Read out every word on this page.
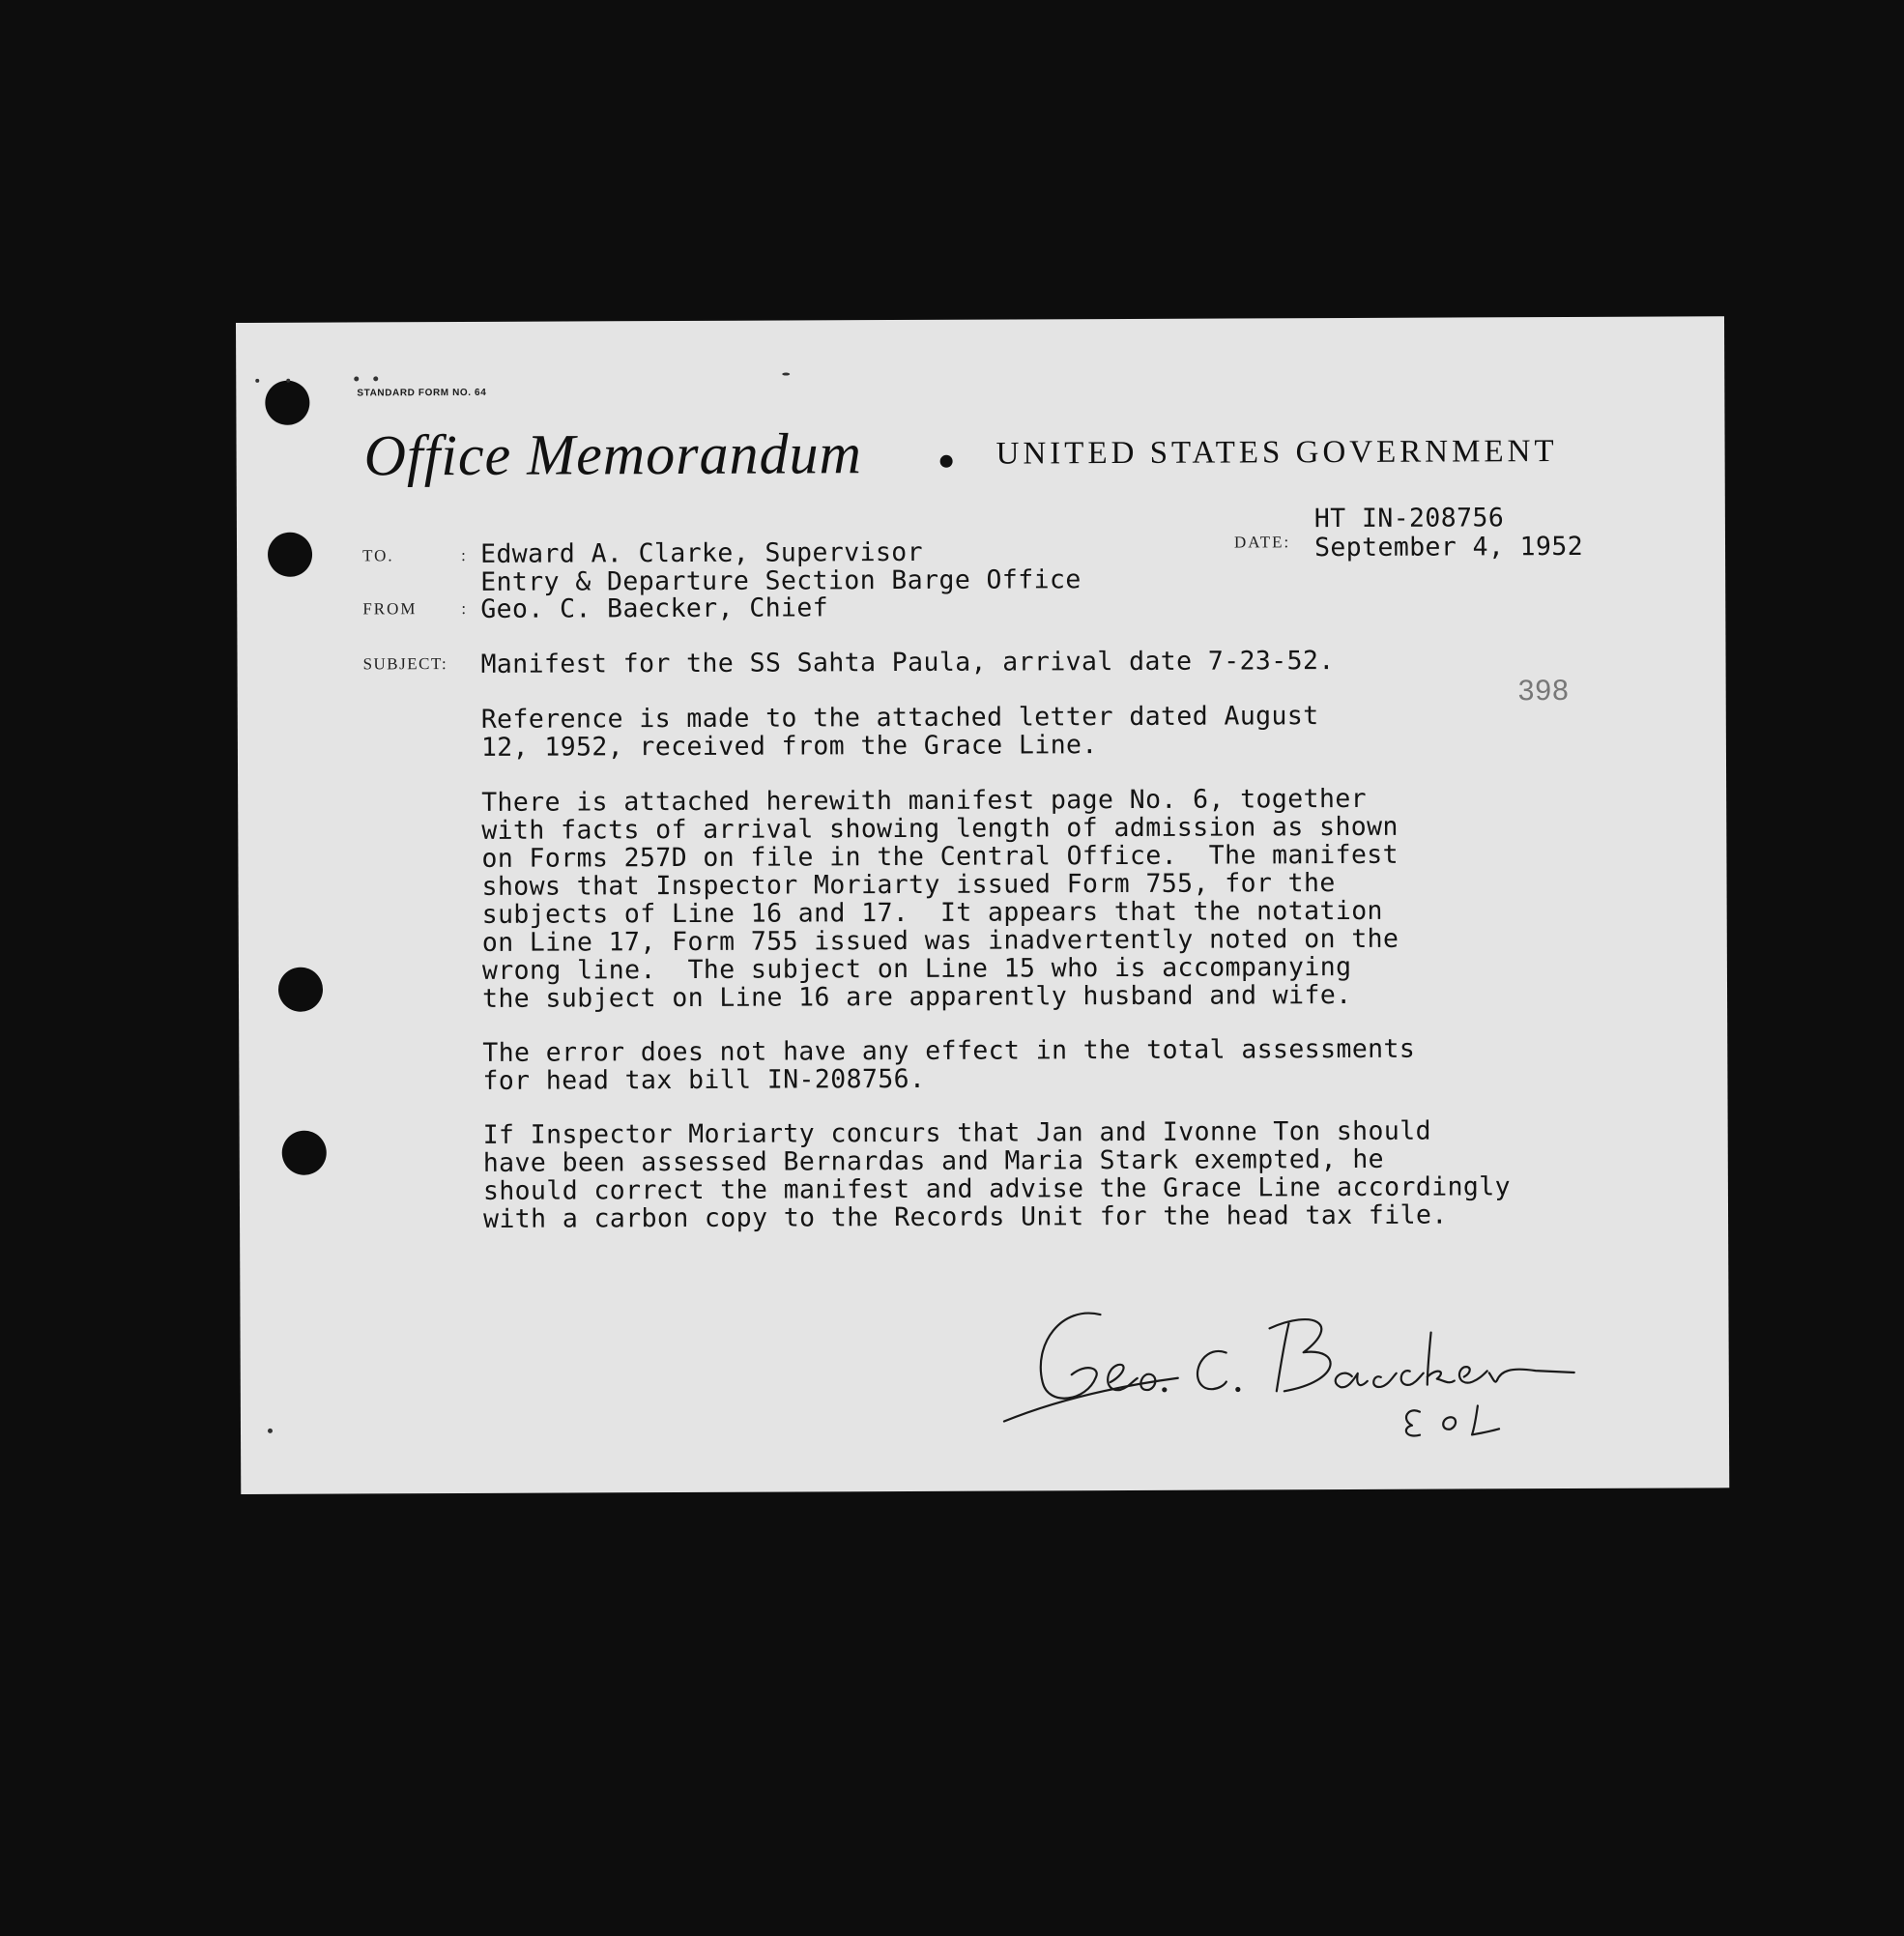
STANDARD FORM NO. 64
Office Memorandum	UNITED STATES GOVERNMENT
TO.	: Edward A. Clarke, Supervisor
Entry & Departure Section Barge Office
FROM	: Geo. C. Baecker, Chief
DATE:
HT IN-208756
September 4, 1952
SUBJECT: Manifest for the SS Sahta Paula, arrival date 7-23-52.
398
Reference is made to the attached letter dated August
12, 1952, received from the Grace Line.
There is attached herewith manifest page No. 6, together
with facts of arrival showing length of admission as shown
on Forms 257D on file in the Central Office.  The manifest
shows that Inspector Moriarty issued Form 755, for the
subjects of Line 16 and 17.  It appears that the notation
on Line 17, Form 755 issued was inadvertently noted on the
wrong line.  The subject on Line 15 who is accompanying
the subject on Line 16 are apparently husband and wife.
The error does not have any effect in the total assessments
for head tax bill IN-208756.
If Inspector Moriarty concurs that Jan and Ivonne Ton should
have been assessed Bernardas and Maria Stark exempted, he
should correct the manifest and advise the Grace Line accordingly
with a carbon copy to the Records Unit for the head tax file.
